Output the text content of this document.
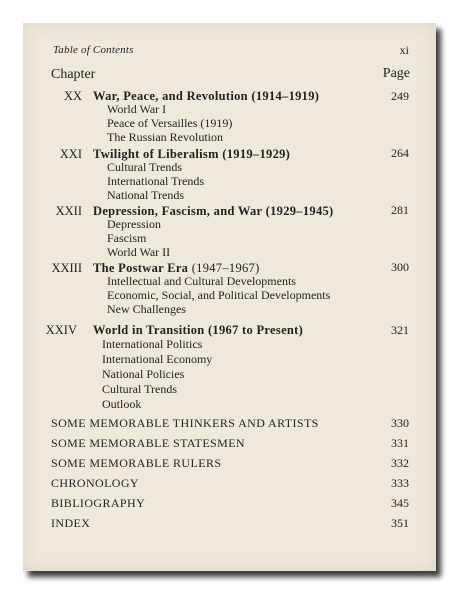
Table of Contents	xi
Chapter	Page
XX War, Peace, and Revolution (1914–1919)	249
World War I
Peace of Versailles (1919)
The Russian Revolution
XXI Twilight of Liberalism (1919–1929)	264
Cultural Trends
International Trends
National Trends
XXII Depression, Fascism, and War (1929–1945)	281
Depression
Fascism
World War II
XXIII The Postwar Era (1947–1967)	300
Intellectual and Cultural Developments
Economic, Social, and Political Developments
New Challenges
XXIV World in Transition (1967 to Present)	321
International Politics
International Economy
National Policies
Cultural Trends
Outlook
SOME MEMORABLE THINKERS AND ARTISTS	330
SOME MEMORABLE STATESMEN	331
SOME MEMORABLE RULERS	332
CHRONOLOGY	333
BIBLIOGRAPHY	345
INDEX	351
